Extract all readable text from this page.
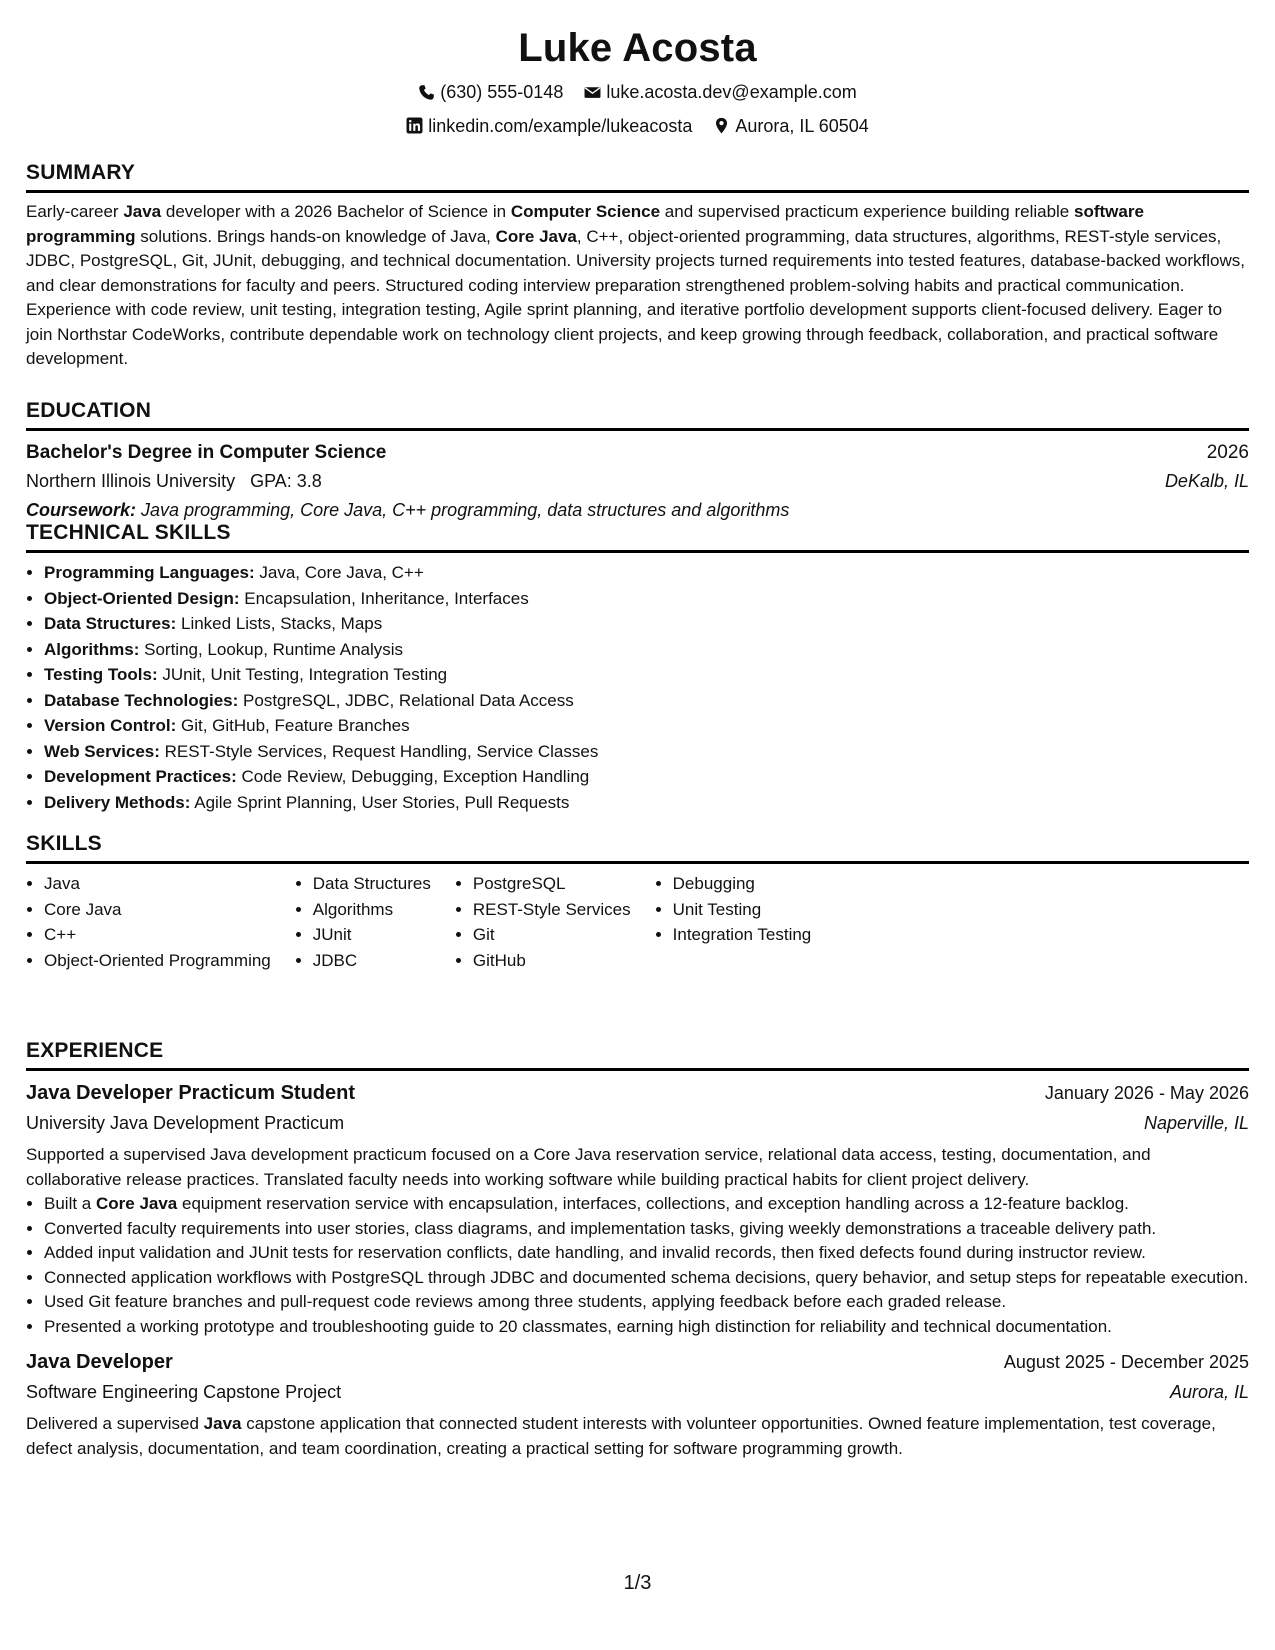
Luke Acosta
(630) 555-0148
luke.acosta.dev@example.com
linkedin.com/example/lukeacosta
Aurora, IL 60504
SUMMARY
Early-career Java developer with a 2026 Bachelor of Science in Computer Science and supervised practicum experience building reliable software programming solutions. Brings hands-on knowledge of Java, Core Java, C++, object-oriented programming, data structures, algorithms, REST-style services, JDBC, PostgreSQL, Git, JUnit, debugging, and technical documentation. University projects turned requirements into tested features, database-backed workflows, and clear demonstrations for faculty and peers. Structured coding interview preparation strengthened problem-solving habits and practical communication. Experience with code review, unit testing, integration testing, Agile sprint planning, and iterative portfolio development supports client-focused delivery. Eager to join Northstar CodeWorks, contribute dependable work on technology client projects, and keep growing through feedback, collaboration, and practical software development.
EDUCATION
Bachelor's Degree in Computer Science	2026
Northern Illinois University GPA: 3.8	DeKalb, IL
Coursework: Java programming, Core Java, C++ programming, data structures and algorithms
TECHNICAL SKILLS
• Programming Languages: Java, Core Java, C++
• Object-Oriented Design: Encapsulation, Inheritance, Interfaces
• Data Structures: Linked Lists, Stacks, Maps
• Algorithms: Sorting, Lookup, Runtime Analysis
• Testing Tools: JUnit, Unit Testing, Integration Testing
• Database Technologies: PostgreSQL, JDBC, Relational Data Access
• Version Control: Git, GitHub, Feature Branches
• Web Services: REST-Style Services, Request Handling, Service Classes
• Development Practices: Code Review, Debugging, Exception Handling
• Delivery Methods: Agile Sprint Planning, User Stories, Pull Requests
SKILLS
• Java
• Core Java
• C++
• Object-Oriented Programming
• Data Structures
• Algorithms
• JUnit
• JDBC
• PostgreSQL
• REST-Style Services
• Git
• GitHub
• Debugging
• Unit Testing
• Integration Testing
EXPERIENCE
Java Developer Practicum Student	January 2026 - May 2026
University Java Development Practicum	Naperville, IL
Supported a supervised Java development practicum focused on a Core Java reservation service, relational data access, testing, documentation, and collaborative release practices. Translated faculty needs into working software while building practical habits for client project delivery.
• Built a Core Java equipment reservation service with encapsulation, interfaces, collections, and exception handling across a 12-feature backlog.
• Converted faculty requirements into user stories, class diagrams, and implementation tasks, giving weekly demonstrations a traceable delivery path.
• Added input validation and JUnit tests for reservation conflicts, date handling, and invalid records, then fixed defects found during instructor review.
• Connected application workflows with PostgreSQL through JDBC and documented schema decisions, query behavior, and setup steps for repeatable execution.
• Used Git feature branches and pull-request code reviews among three students, applying feedback before each graded release.
• Presented a working prototype and troubleshooting guide to 20 classmates, earning high distinction for reliability and technical documentation.
Java Developer	August 2025 - December 2025
Software Engineering Capstone Project	Aurora, IL
Delivered a supervised Java capstone application that connected student interests with volunteer opportunities. Owned feature implementation, test coverage, defect analysis, documentation, and team coordination, creating a practical setting for software programming growth.
1/3
